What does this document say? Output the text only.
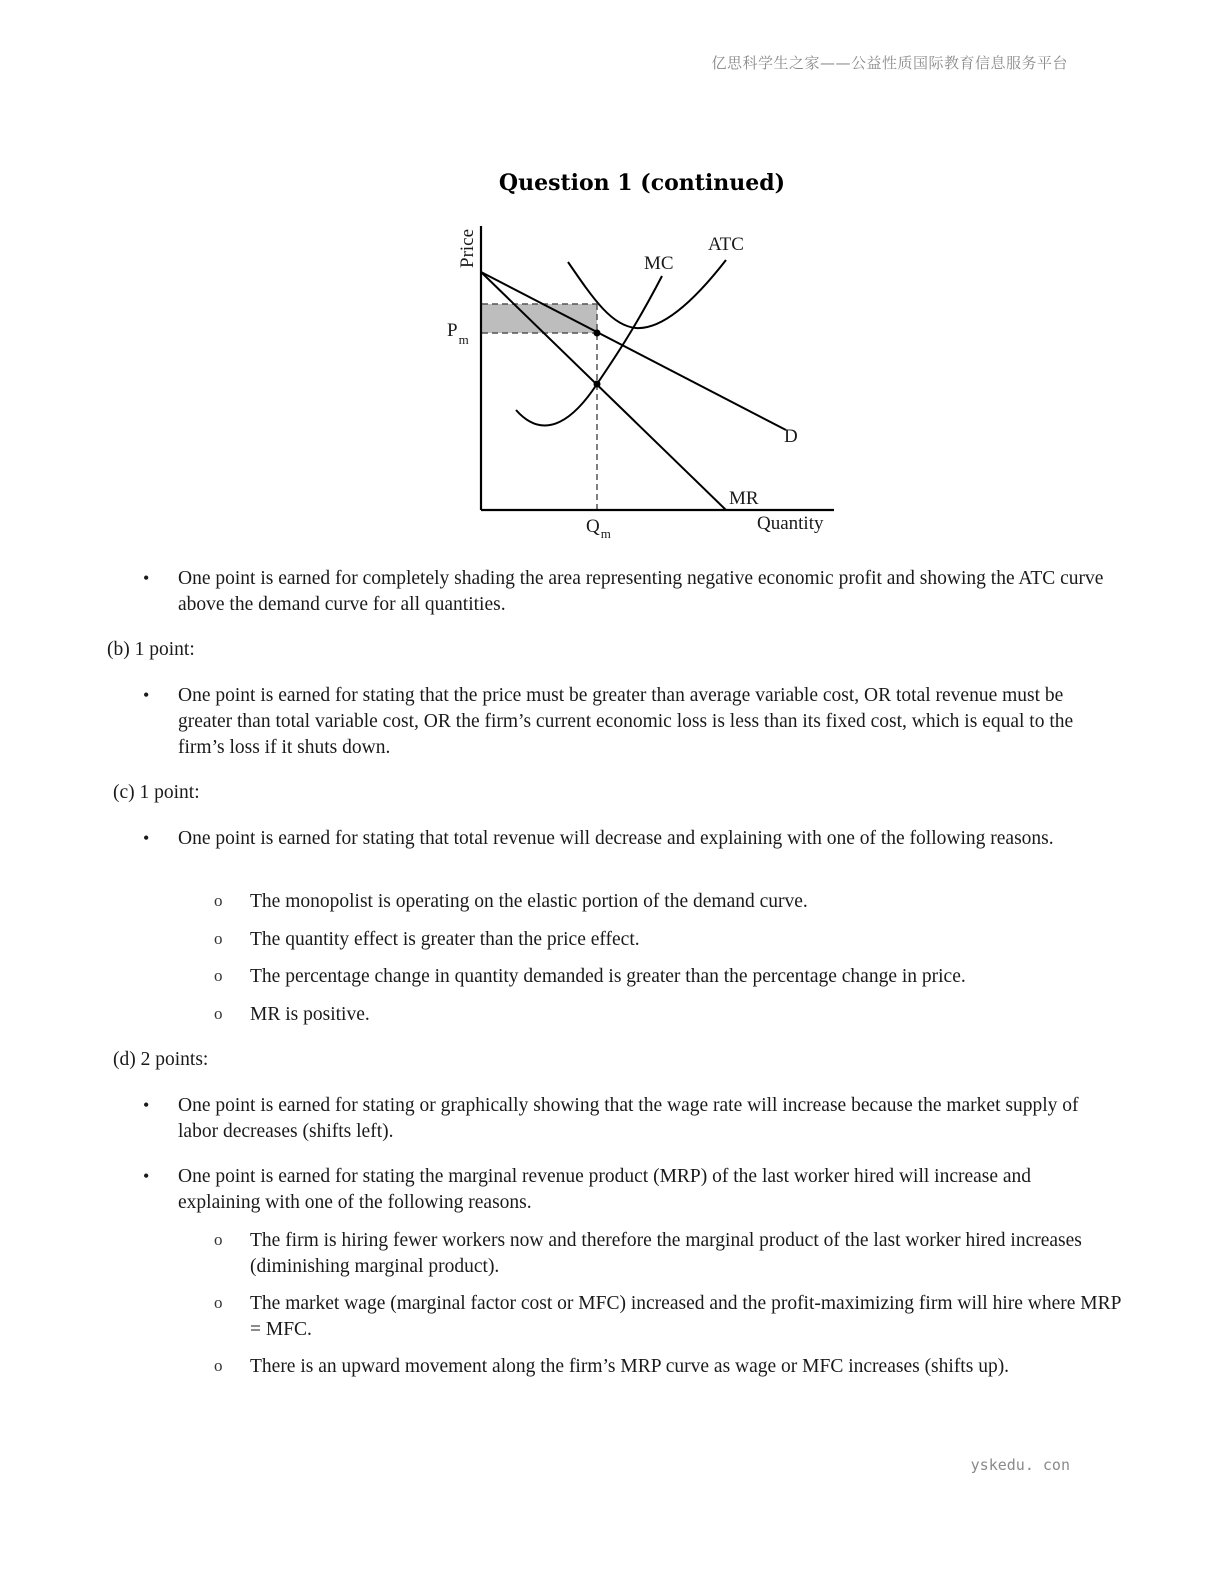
亿思科学生之家——公益性质国际教育信息服务平台
Question 1 (continued)
Price
$P_m$
$Q_m$	Quantity
MC
ATC
D
MR
• One point is earned for completely shading the area representing negative economic profit and showing the ATC curve above the demand curve for all quantities.
(b) 1 point:
• One point is earned for stating that the price must be greater than average variable cost, OR total revenue must be greater than total variable cost, OR the firm’s current economic loss is less than its fixed cost, which is equal to the firm’s loss if it shuts down.
(c) 1 point:
• One point is earned for stating that total revenue will decrease and explaining with one of the following reasons.
o The monopolist is operating on the elastic portion of the demand curve.
o The quantity effect is greater than the price effect.
o The percentage change in quantity demanded is greater than the percentage change in price.
o MR is positive.
(d) 2 points:
• One point is earned for stating or graphically showing that the wage rate will increase because the market supply of labor decreases (shifts left).
• One point is earned for stating the marginal revenue product (MRP) of the last worker hired will increase and explaining with one of the following reasons.
o The firm is hiring fewer workers now and therefore the marginal product of the last worker hired increases (diminishing marginal product).
o The market wage (marginal factor cost or MFC) increased and the profit-maximizing firm will hire where MRP = MFC.
o There is an upward movement along the firm’s MRP curve as wage or MFC increases (shifts up).
yskedu. con
